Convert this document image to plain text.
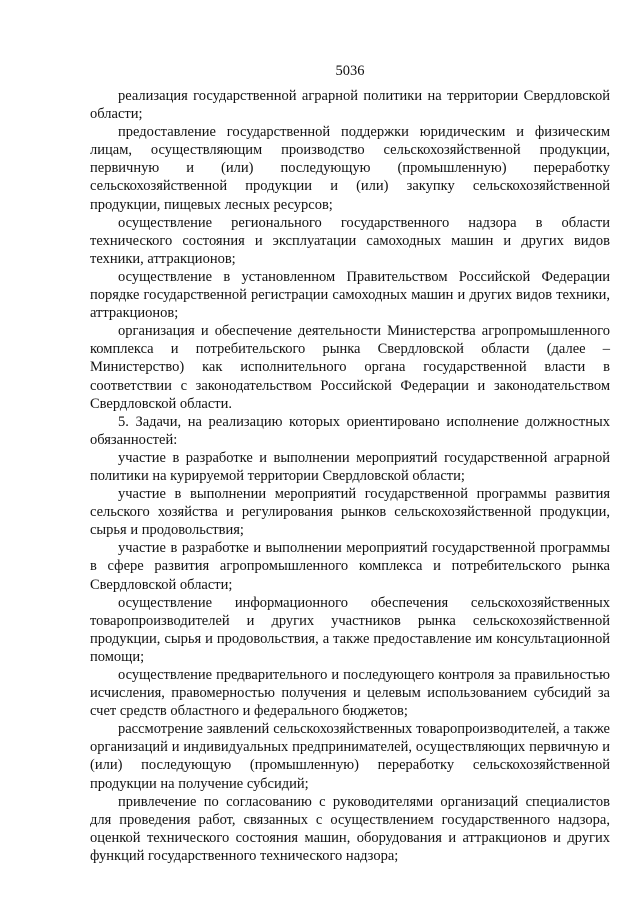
5036

реализация государственной аграрной политики на территории Свердловской области;

предоставление государственной поддержки юридическим и физическим лицам, осуществляющим производство сельскохозяйственной продукции, первичную и (или) последующую (промышленную) переработку сельскохозяйственной продукции и (или) закупку сельскохозяйственной продукции, пищевых лесных ресурсов;

осуществление регионального государственного надзора в области технического состояния и эксплуатации самоходных машин и других видов техники, аттракционов;

осуществление в установленном Правительством Российской Федерации порядке государственной регистрации самоходных машин и других видов техники, аттракционов;

организация и обеспечение деятельности Министерства агропромышленного комплекса и потребительского рынка Свердловской области (далее – Министерство) как исполнительного органа государственной власти в соответствии с законодательством Российской Федерации и законодательством Свердловской области.

5. Задачи, на реализацию которых ориентировано исполнение должностных обязанностей:

участие в разработке и выполнении мероприятий государственной аграрной политики на курируемой территории Свердловской области;

участие в выполнении мероприятий государственной программы развития сельского хозяйства и регулирования рынков сельскохозяйственной продукции, сырья и продовольствия;

участие в разработке и выполнении мероприятий государственной программы в сфере развития агропромышленного комплекса и потребительского рынка Свердловской области;

осуществление информационного обеспечения сельскохозяйственных товаропроизводителей и других участников рынка сельскохозяйственной продукции, сырья и продовольствия, а также предоставление им консультационной помощи;

осуществление предварительного и последующего контроля за правильностью исчисления, правомерностью получения и целевым использованием субсидий за счет средств областного и федерального бюджетов;

рассмотрение заявлений сельскохозяйственных товаропроизводителей, а также организаций и индивидуальных предпринимателей, осуществляющих первичную и (или) последующую (промышленную) переработку сельскохозяйственной продукции на получение субсидий;

привлечение по согласованию с руководителями организаций специалистов для проведения работ, связанных с осуществлением государственного надзора, оценкой технического состояния машин, оборудования и аттракционов и других функций государственного технического надзора;
